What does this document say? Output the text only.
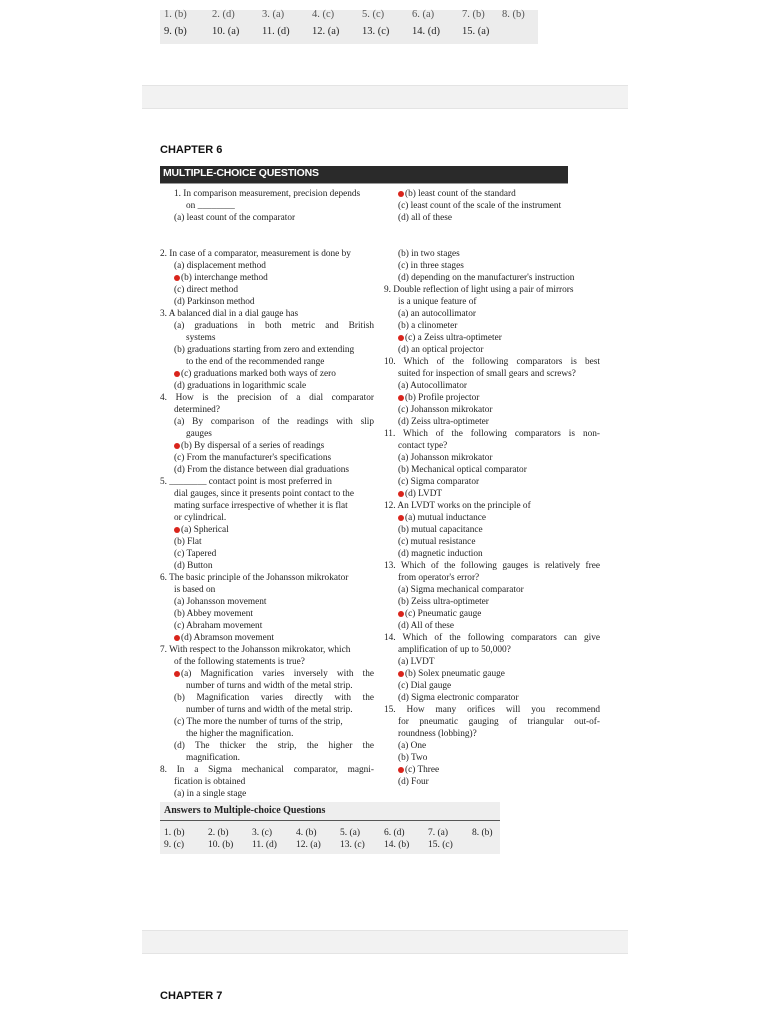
1. (b) 2. (d)	3. (a)	4. (c)	5. (c)	6. (a)	7. (b) 8. (b)
9. (b) 10. (a) 11. (d) 12. (a) 13. (c) 14. (d) 15. (a)
CHAPTER 6
MULTIPLE-CHOICE QUESTIONS
1. In comparison measurement, precision depends
on ________
(a) least count of the comparator
2. In case of a comparator, measurement is done by
(a) displacement method
(b) interchange method
(c) direct method
(d) Parkinson method
3. A balanced dial in a dial gauge has
(a) graduations in both metric and British
systems
(b) graduations starting from zero and extending
to the end of the recommended range
(c) graduations marked both ways of zero
(d) graduations in logarithmic scale
4. How is the precision of a dial comparator
determined?
(a) By comparison of the readings with slip
gauges
(b) By dispersal of a series of readings
(c) From the manufacturer's specifications
(d) From the distance between dial graduations
5. ________ contact point is most preferred in
dial gauges, since it presents point contact to the
mating surface irrespective of whether it is flat
or cylindrical.
(a) Spherical
(b) Flat
(c) Tapered
(d) Button
6. The basic principle of the Johansson mikrokator
is based on
(a) Johansson movement
(b) Abbey movement
(c) Abraham movement
(d) Abramson movement
7. With respect to the Johansson mikrokator, which
of the following statements is true?
(a) Magnification varies inversely with the
number of turns and width of the metal strip.
(b) Magnification varies directly with the
number of turns and width of the metal strip.
(c) The more the number of turns of the strip,
the higher the magnification.
(d) The thicker the strip, the higher the
magnification.
8. In a Sigma mechanical comparator, magni-
fication is obtained
(a) in a single stage
(b) least count of the standard
(c) least count of the scale of the instrument
(d) all of these
(b) in two stages
(c) in three stages
(d) depending on the manufacturer's instruction
9. Double reflection of light using a pair of mirrors
is a unique feature of
(a) an autocollimator
(b) a clinometer
(c) a Zeiss ultra-optimeter
(d) an optical projector
10. Which of the following comparators is best
suited for inspection of small gears and screws?
(a) Autocollimator
(b) Profile projector
(c) Johansson mikrokator
(d) Zeiss ultra-optimeter
11. Which of the following comparators is non-
contact type?
(a) Johansson mikrokator
(b) Mechanical optical comparator
(c) Sigma comparator
(d) LVDT
12. An LVDT works on the principle of
(a) mutual inductance
(b) mutual capacitance
(c) mutual resistance
(d) magnetic induction
13. Which of the following gauges is relatively free
from operator's error?
(a) Sigma mechanical comparator
(b) Zeiss ultra-optimeter
(c) Pneumatic gauge
(d) All of these
14. Which of the following comparators can give
amplification of up to 50,000?
(a) LVDT
(b) Solex pneumatic gauge
(c) Dial gauge
(d) Sigma electronic comparator
15. How many orifices will you recommend
for pneumatic gauging of triangular out-of-
roundness (lobbing)?
(a) One
(b) Two
(c) Three
(d) Four
Answers to Multiple-choice Questions
1. (b) 2. (b) 3. (c)	4. (b) 5. (a)	6. (d) 7. (a)	8. (b)
9. (c)	10. (b) 11. (d) 12. (a) 13. (c) 14. (b) 15. (c)
CHAPTER 7
